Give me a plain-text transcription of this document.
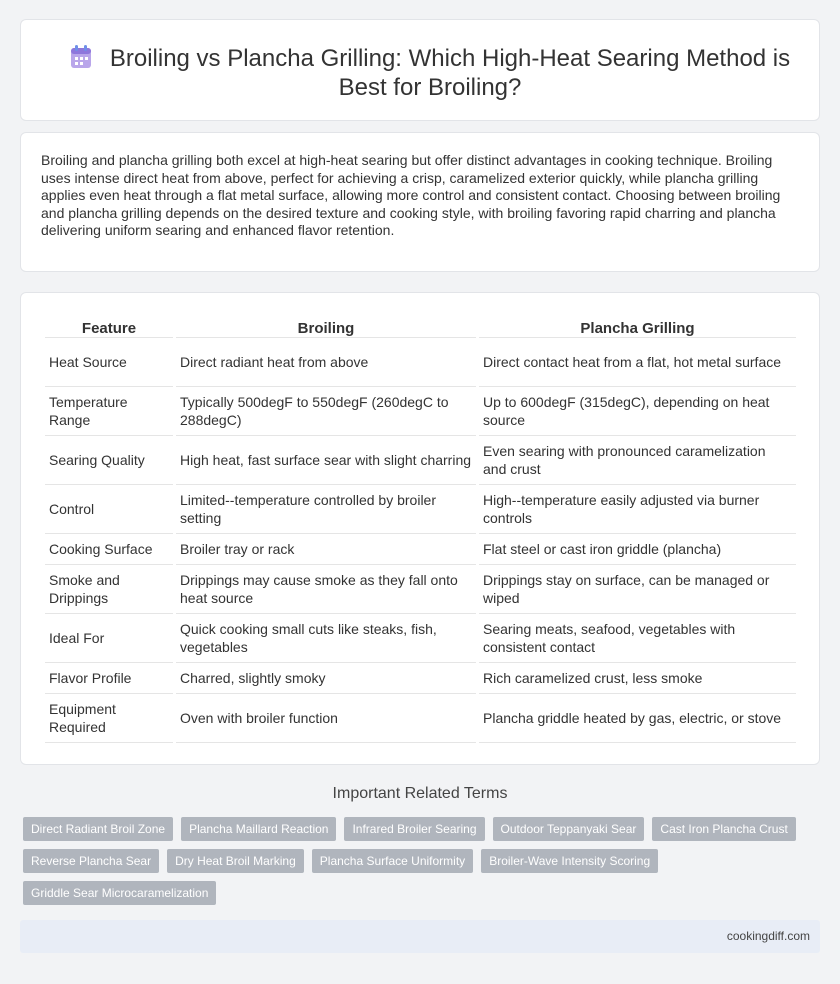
Broiling vs Plancha Grilling: Which High-Heat Searing Method is Best for Broiling?

Broiling and plancha grilling both excel at high-heat searing but offer distinct advantages in cooking technique. Broiling uses intense direct heat from above, perfect for achieving a crisp, caramelized exterior quickly, while plancha grilling applies even heat through a flat metal surface, allowing more control and consistent contact. Choosing between broiling and plancha grilling depends on the desired texture and cooking style, with broiling favoring rapid charring and plancha delivering uniform searing and enhanced flavor retention.

Feature	Broiling	Plancha Grilling
Heat Source	Direct radiant heat from above	Direct contact heat from a flat, hot metal surface
Temperature Range	Typically 500degF to 550degF (260degC to 288degC)	Up to 600degF (315degC), depending on heat source
Searing Quality	High heat, fast surface sear with slight charring	Even searing with pronounced caramelization and crust
Control	Limited--temperature controlled by broiler setting	High--temperature easily adjusted via burner controls
Cooking Surface	Broiler tray or rack	Flat steel or cast iron griddle (plancha)
Smoke and Drippings	Drippings may cause smoke as they fall onto heat source	Drippings stay on surface, can be managed or wiped
Ideal For	Quick cooking small cuts like steaks, fish, vegetables	Searing meats, seafood, vegetables with consistent contact
Flavor Profile	Charred, slightly smoky	Rich caramelized crust, less smoke
Equipment Required	Oven with broiler function	Plancha griddle heated by gas, electric, or stove
Important Related Terms
Direct Radiant Broil Zone	Plancha Maillard Reaction	Infrared Broiler Searing	Outdoor Teppanyaki Sear	Cast Iron Plancha Crust
Reverse Plancha Sear	Dry Heat Broil Marking	Plancha Surface Uniformity	Broiler-Wave Intensity Scoring
Griddle Sear Microcaramelization
cookingdiff.com
